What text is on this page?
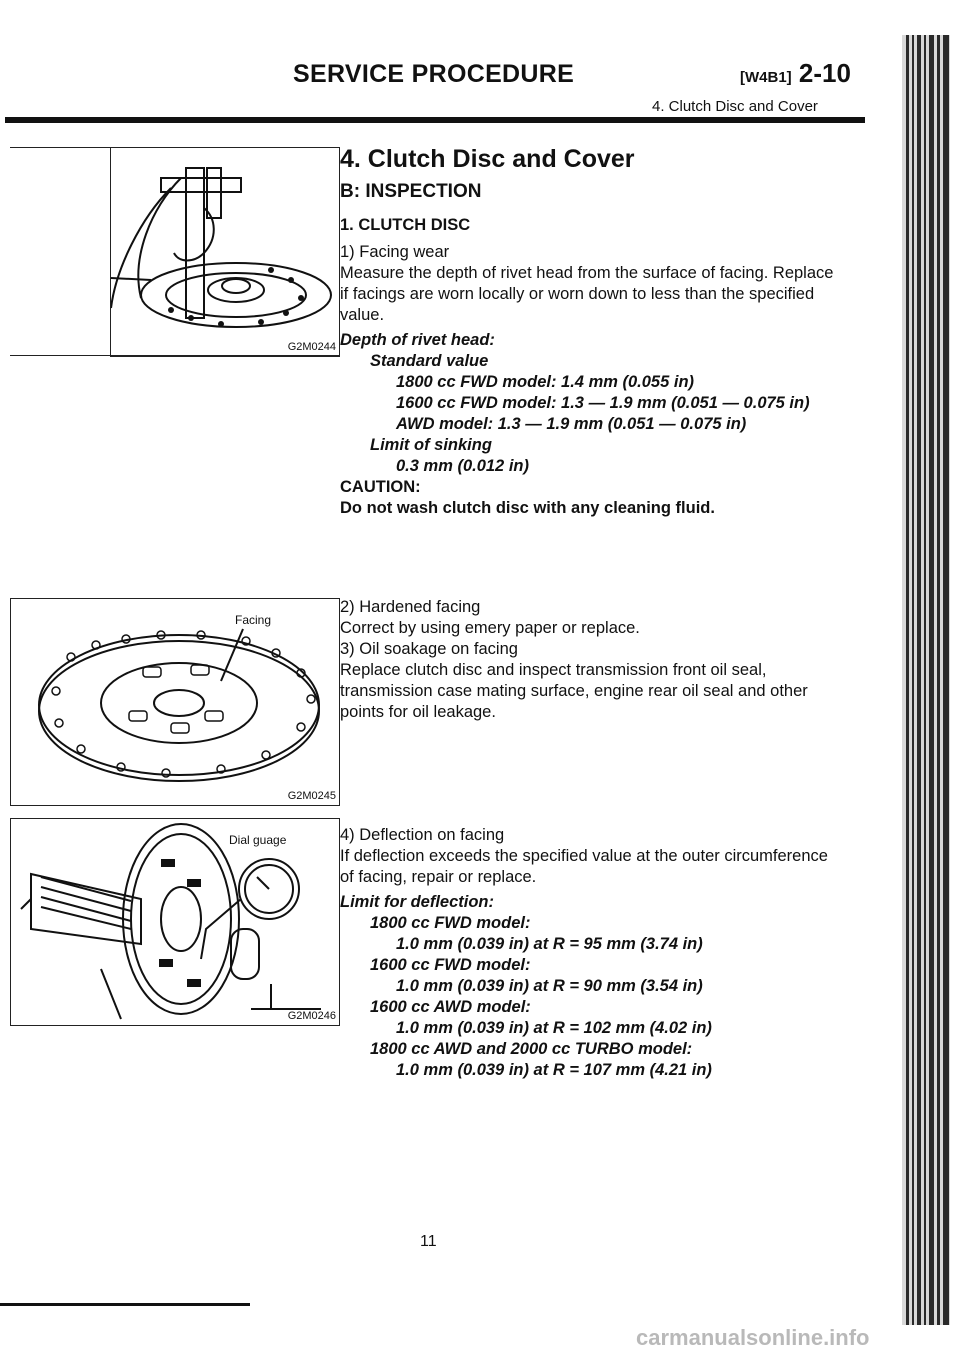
SERVICE PROCEDURE	[W4B1] 2-10
4. Clutch Disc and Cover
G2M0244
Facing
G2M0245
Dial guage
G2M0246
4. Clutch Disc and Cover
B: INSPECTION
1. CLUTCH DISC

1) Facing wear

Measure the depth of rivet head from the surface of facing. Replace if facings are worn locally or worn down to less than the specified value.

Depth of rivet head:

Standard value

1800 cc FWD model: 1.4 mm (0.055 in)

1600 cc FWD model: 1.3 — 1.9 mm (0.051 — 0.075 in)

AWD model: 1.3 — 1.9 mm (0.051 — 0.075 in)

Limit of sinking

0.3 mm (0.012 in)

CAUTION:

Do not wash clutch disc with any cleaning fluid.

2) Hardened facing

Correct by using emery paper or replace.

3) Oil soakage on facing

Replace clutch disc and inspect transmission front oil seal, transmission case mating surface, engine rear oil seal and other points for oil leakage.

4) Deflection on facing

If deflection exceeds the specified value at the outer circumference of facing, repair or replace.

Limit for deflection:

1800 cc FWD model:

1.0 mm (0.039 in) at R = 95 mm (3.74 in)

1600 cc FWD model:

1.0 mm (0.039 in) at R = 90 mm (3.54 in)

1600 cc AWD model:

1.0 mm (0.039 in) at R = 102 mm (4.02 in)

1800 cc AWD and 2000 cc TURBO model:

1.0 mm (0.039 in) at R = 107 mm (4.21 in)

11
carmanualsonline.info
